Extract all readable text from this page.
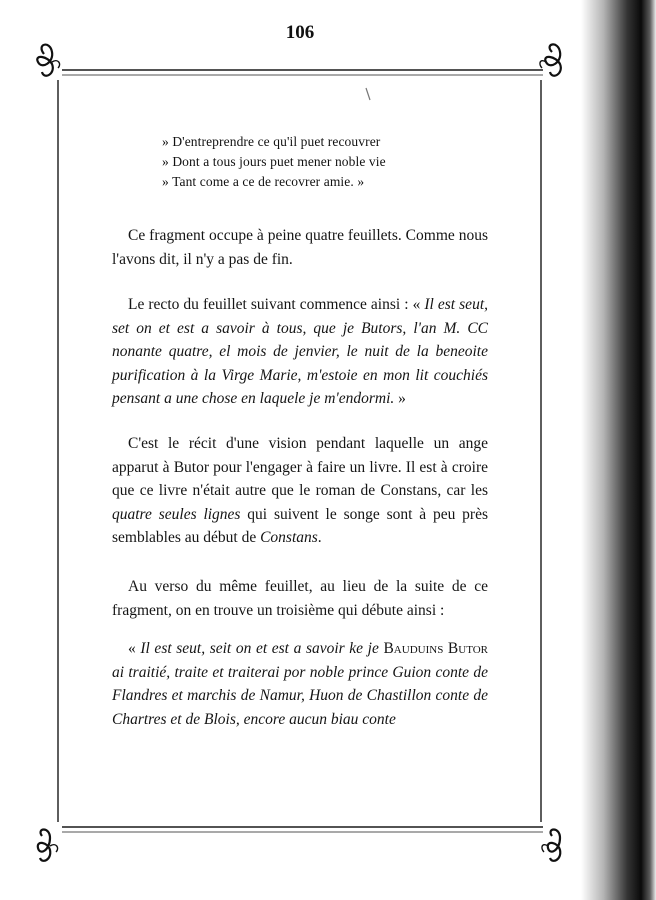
106
» D'entreprendre ce qu'il puet recouvrer
» Dont a tous jours puet mener noble vie
» Tant come a ce de recovrer amie. »
Ce fragment occupe à peine quatre feuillets. Comme nous l'avons dit, il n'y a pas de fin.
Le recto du feuillet suivant commence ainsi : « Il est seut, set on et est a savoir à tous, que je Butors, l'an M. CC nonante quatre, el mois de jenvier, le nuit de la beneoite purification à la Virge Marie, m'estoie en mon lit couchiés pensant a une chose en laquele je m'endormi. »
C'est le récit d'une vision pendant laquelle un ange apparut à Butor pour l'engager à faire un livre. Il est à croire que ce livre n'était autre que le roman de Constans, car les quatre seules lignes qui suivent le songe sont à peu près semblables au début de Constans.
Au verso du même feuillet, au lieu de la suite de ce fragment, on en trouve un troisième qui débute ainsi :
« Il est seut, seit on et est a savoir ke je Bauduins Butor ai traitié, traite et traiterai por noble prince Guion conte de Flandres et marchis de Namur, Huon de Chastillon conte de Chartres et de Blois, encore aucun biau conte
